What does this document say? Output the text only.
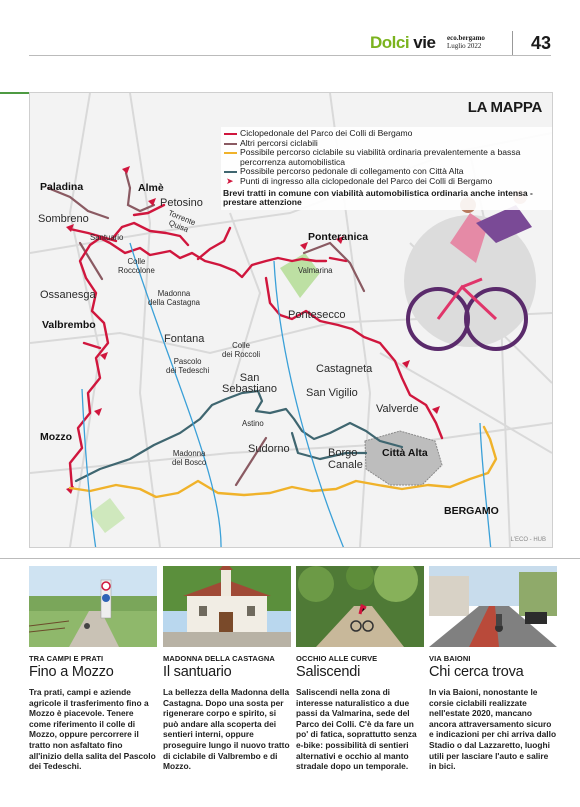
Dolci vie eco.bergamo
Luglio 2022	43
LA MAPPA
Ciclopedonale del Parco dei Colli di Bergamo
Altri percorsi ciclabili
Possibile percorso ciclabile su viabilità ordinaria prevalentemente a bassa percorrenza automobilistica
Possibile percorso pedonale di collegamento con Città Alta
➤ Punti di ingresso alla ciclopedonale del Parco dei Colli di Bergamo
Brevi tratti in comune con viabilità automobilistica ordinaria anche intensa - prestare attenzione
Paladina	Almè
Petosino
Sombreno
Santuario
Torrente
Quisa
Ponteranica
Colle
Roccolone	Valmarina
Ossanesga	Madonna
della Castagna
Valbrembo
Pontesecco
Fontana
Colle
dei Roccoli
Pascolo
dei Tedeschi
San
Sebastiano
Castagneta
Valverde
San Vigilio
Mozzo
Astino
Sudorno	Borgo
Canale
Città Alta
Madonna
del Bosco
BERGAMO
L'ECO - HUB
TRA CAMPI E PRATI
Fino a Mozzo
Tra prati, campi e aziende agricole il trasferimento fino a Mozzo è piacevole. Tenere come riferimento il colle di Mozzo, oppure percorrere il tratto non asfaltato fino all'inizio della salita del Pascolo dei Tedeschi.
MADONNA DELLA CASTAGNA
Il santuario
La bellezza della Madonna della Castagna. Dopo una sosta per rigenerare corpo e spirito, si può andare alla scoperta dei sentieri interni, oppure proseguire lungo il nuovo tratto di ciclabile di Valbrembo e di Mozzo.
OCCHIO ALLE CURVE
Saliscendi
Saliscendi nella zona di interesse naturalistico a due passi da Valmarina, sede del Parco dei Colli. C'è da fare un po' di fatica, soprattutto senza e-bike: possibilità di sentieri alternativi e occhio al manto stradale dopo un temporale.
VIA BAIONI
Chi cerca trova
In via Baioni, nonostante le corsie ciclabili realizzate nell'estate 2020, mancano ancora attraversamento sicuro e indicazioni per chi arriva dallo Stadio o dal Lazzaretto, luoghi utili per lasciare l'auto e salire in bici.
